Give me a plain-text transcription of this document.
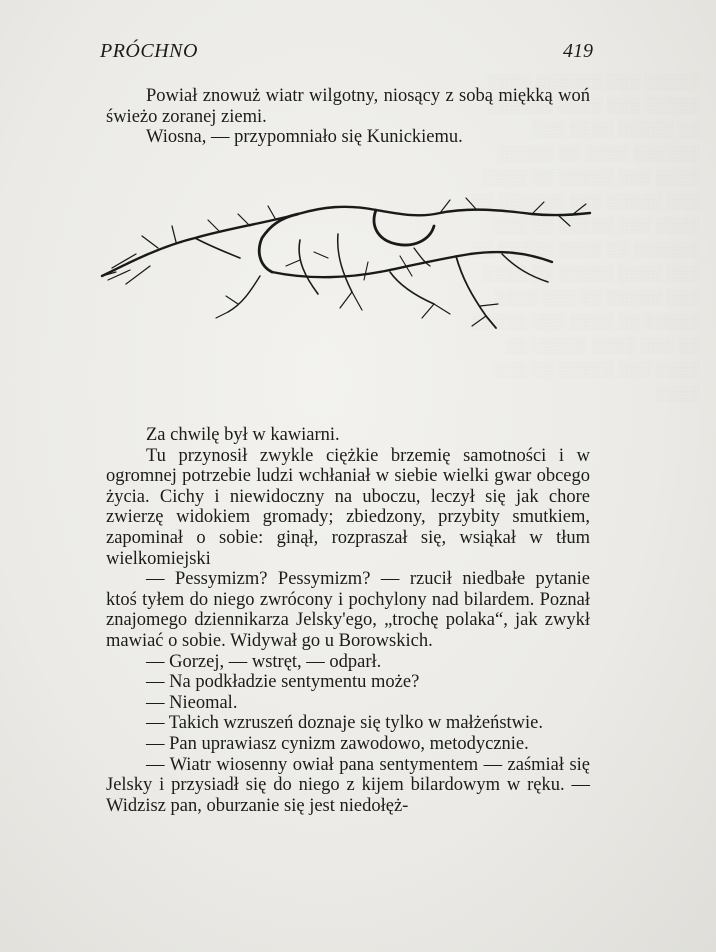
░░░░░ ░░░ ░░░░░░ ░░░░ ░░░░░ ░░░ ░░░░ ░░░░░░ ░░ ░░░░░ ░░░░ ░░░ ░░░░░░ ░░░░ ░░ ░░░░░ ░░░░ ░░░ ░░░░░ ░░ ░░░░ ░░░ ░░░░░ ░░░ ░░░░░░ ░░ ░░░░ ░░░ ░░░░░ ░░ ░░░ ░░░░░░ ░░ ░░░░ ░░░░░ ░░ ░░░ ░░░░ ░░░░░ ░░ ░░░░ ░░░ ░░░░░ ░░ ░░░ ░░░░ ░░░░░ ░░ ░░░░ ░░░ ░░░░░ ░░ ░░░ ░░░░ ░░░░░ ░░ ░░░░ ░░░ ░░░░░ ░░ ░░░ ░░░░
PRÓCHNO	419

Powiał znowuż wiatr wilgotny, niosący z sobą miękką woń świeżo zoranej ziemi.

Wiosna, — przypomniało się Kunickiemu.

Za chwilę był w kawiarni.

Tu przynosił zwykle ciężkie brzemię samotności i w ogromnej potrzebie ludzi wchłaniał w siebie wielki gwar obcego życia. Cichy i niewidoczny na uboczu, leczył się jak chore zwierzę widokiem gromady; zbiedzony, przybity smutkiem, zapominał o sobie: ginął, rozpraszał się, wsiąkał w tłum wielkomiejski

— Pessymizm? Pessymizm? — rzucił niedbałe pytanie ktoś tyłem do niego zwrócony i pochylony nad bilardem. Poznał znajomego dziennikarza Jelsky'ego, „trochę polaka“, jak zwykł mawiać o sobie. Widywał go u Borowskich.

— Gorzej, — wstręt, — odparł.

— Na podkładzie sentymentu może?

— Nieomal.

— Takich wzruszeń doznaje się tylko w małżeństwie.

— Pan uprawiasz cynizm zawodowo, metodycznie.

— Wiatr wiosenny owiał pana sentymentem — zaśmiał się Jelsky i przysiadł się do niego z kijem bilardowym w ręku. — Widzisz pan, oburzanie się jest niedołęż-
